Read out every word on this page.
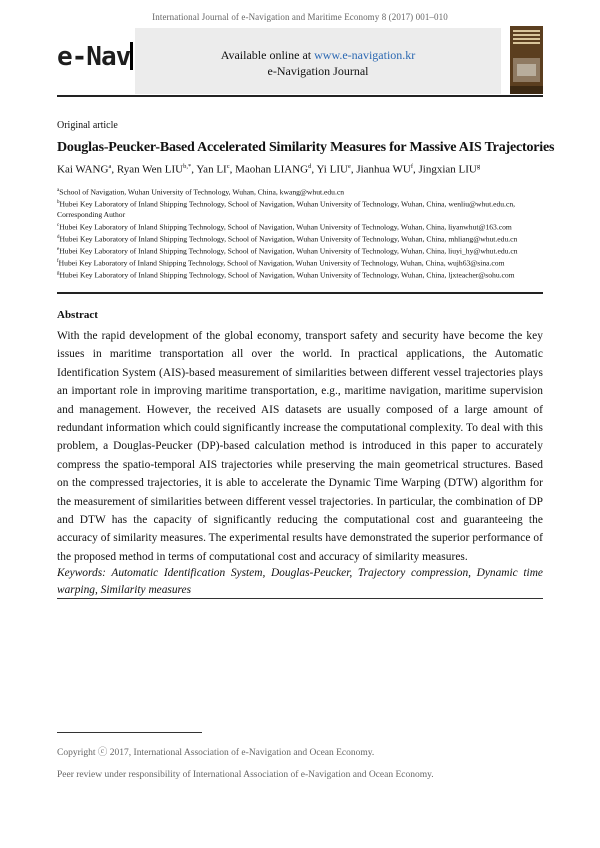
International Journal of e-Navigation and Maritime Economy 8 (2017) 001–010
e-Nav	Available online at www.e-navigation.kr
e-Navigation Journal
Original article
Douglas-Peucker-Based Accelerated Similarity Measures for Massive AIS Trajectories
Kai WANG$^a$, Ryan Wen $LIU^{b,*}$, Yan $LI^c$, Maohan LIANG$^d$, Yi LIU$^e$, Jianhua $WU^f$, Jingxian LIU$^g$
$^a$School of Navigation, Wuhan University of Technology, Wuhan, China, kwang@whut.edu.cn
$^b$Hubei Key Laboratory of Inland Shipping Technology, School of Navigation, Wuhan University of Technology, Wuhan, China, wenliu@whut.edu.cn,
Corresponding Author
$^c$Hubei Key Laboratory of Inland Shipping Technology, School of Navigation, Wuhan University of Technology, Wuhan, China, liyanwhut@163.com
$^d$Hubei Key Laboratory of Inland Shipping Technology, School of Navigation, Wuhan University of Technology, Wuhan, China, mhliang@whut.edu.cn
$^e$Hubei Key Laboratory of Inland Shipping Technology, School of Navigation, Wuhan University of Technology, Wuhan, China, liuyi_hy@whut.edu.cn
$^f$Hubei Key Laboratory of Inland Shipping Technology, School of Navigation, Wuhan University of Technology, Wuhan, China, wujh63@sina.com
$^g$Hubei Key Laboratory of Inland Shipping Technology, School of Navigation, Wuhan University of Technology, Wuhan, China, ljxteacher@sohu.com
Abstract
With the rapid development of the global economy, transport safety and security have become the key issues in maritime transportation all over the world. In practical applications, the Automatic Identification System (AIS)-based measurement of similarities between different vessel trajectories plays an important role in improving maritime transportation, e.g., maritime navigation, maritime supervision and management. However, the received AIS datasets are usually composed of a large amount of redundant information which could significantly increase the computational complexity. To deal with this problem, a Douglas-Peucker (DP)-based calculation method is introduced in this paper to accurately compress the spatio-temporal AIS trajectories while preserving the main geometrical structures. Based on the compressed trajectories, it is able to accelerate the Dynamic Time Warping (DTW) algorithm for the measurement of similarities between different vessel trajectories. In particular, the combination of DP and DTW has the capacity of significantly reducing the computational cost and guaranteeing the accuracy of similarity measures. The experimental results have demonstrated the superior performance of the proposed method in terms of computational cost and accuracy of similarity measures.
Keywords: Automatic Identification System, Douglas-Peucker, Trajectory compression, Dynamic time warping, Similarity measures
Copyright ⓒ 2017, International Association of e-Navigation and Ocean Economy.
Peer review under responsibility of International Association of e-Navigation and Ocean Economy.
